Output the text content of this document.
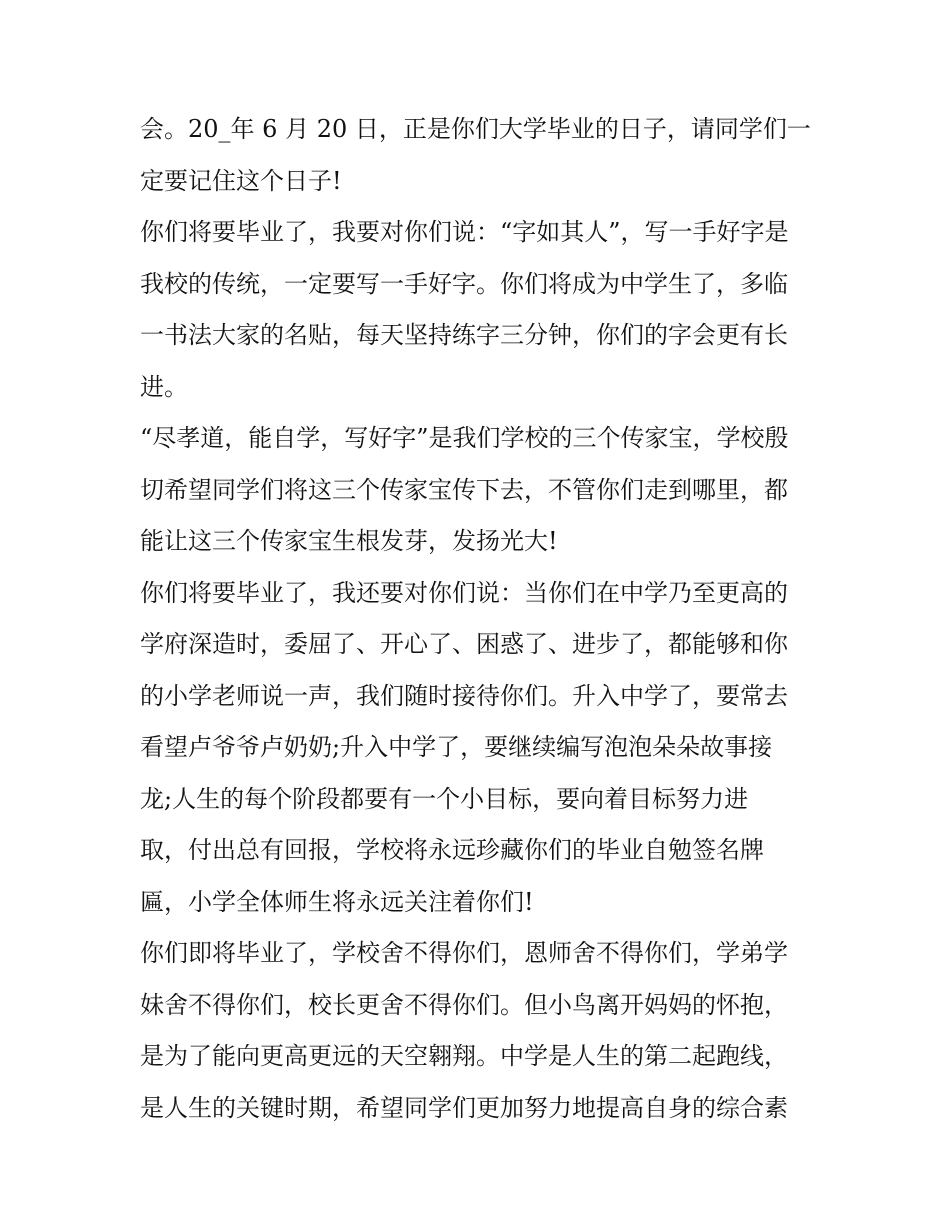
会。20_年 6 月 20 日，正是你们大学毕业的日子，请同学们一
定要记住这个日子!
你们将要毕业了，我要对你们说：“字如其人”，写一手好字是
我校的传统，一定要写一手好字。你们将成为中学生了，多临
一书法大家的名贴，每天坚持练字三分钟，你们的字会更有长
进。
“尽孝道，能自学，写好字”是我们学校的三个传家宝，学校殷
切希望同学们将这三个传家宝传下去，不管你们走到哪里，都
能让这三个传家宝生根发芽，发扬光大!
你们将要毕业了，我还要对你们说：当你们在中学乃至更高的
学府深造时，委屈了、开心了、困惑了、进步了，都能够和你
的小学老师说一声，我们随时接待你们。升入中学了，要常去
看望卢爷爷卢奶奶;升入中学了，要继续编写泡泡朵朵故事接
龙;人生的每个阶段都要有一个小目标，要向着目标努力进
取，付出总有回报，学校将永远珍藏你们的毕业自勉签名牌
匾，小学全体师生将永远关注着你们!
你们即将毕业了，学校舍不得你们，恩师舍不得你们，学弟学
妹舍不得你们，校长更舍不得你们。但小鸟离开妈妈的怀抱，
是为了能向更高更远的天空翱翔。中学是人生的第二起跑线，
是人生的关键时期，希望同学们更加努力地提高自身的综合素
